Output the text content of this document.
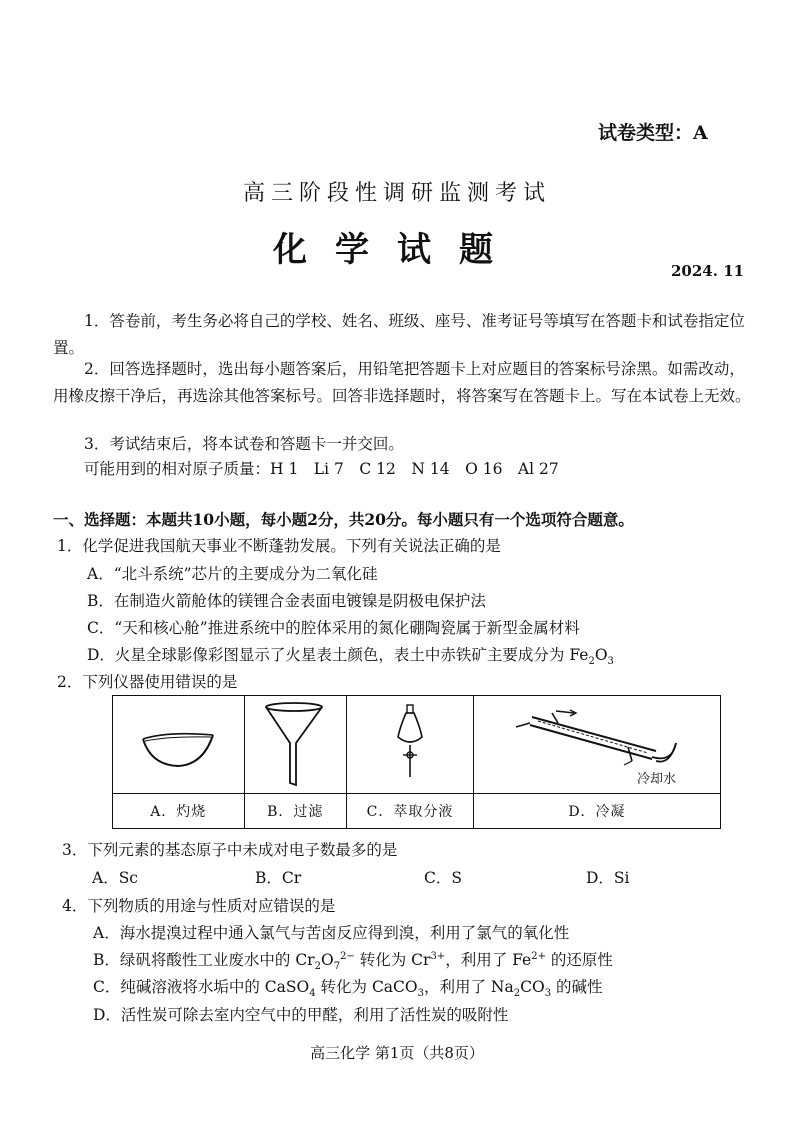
试卷类型：A
高三阶段性调研监测考试
化学试题
2024. 11
1．答卷前，考生务必将自己的学校、姓名、班级、座号、准考证号等填写在答题卡和试卷指定位置。
2．回答选择题时，选出每小题答案后，用铅笔把答题卡上对应题目的答案标号涂黑。如需改动，用橡皮擦干净后，再选涂其他答案标号。回答非选择题时，将答案写在答题卡上。写在本试卷上无效。
3．考试结束后，将本试卷和答题卡一并交回。
可能用到的相对原子质量：H 1　Li 7　C 12　N 14　O 16　Al 27
一、选择题：本题共10小题，每小题2分，共20分。每小题只有一个选项符合题意。
1．化学促进我国航天事业不断蓬勃发展。下列有关说法正确的是
A．“北斗系统”芯片的主要成分为二氧化硅
B．在制造火箭舱体的镁锂合金表面电镀镍是阴极电保护法
C．“天和核心舱”推进系统中的腔体采用的氮化硼陶瓷属于新型金属材料
D．火星全球影像彩图显示了火星表土颜色，表土中赤铁矿主要成分为 $Fe_2O_3$
2．下列仪器使用错误的是

冷却水

A．灼烧	B．过滤	C．萃取分液	D．冷凝
3．下列元素的基态原子中未成对电子数最多的是
A．Sc	B．Cr	C．S	D．Si
4．下列物质的用途与性质对应错误的是
A．海水提溴过程中通入氯气与苦卤反应得到溴，利用了氯气的氧化性
B．绿矾将酸性工业废水中的 $Cr_2O_7^{2-}$ 转化为 $Cr^{3+}$，利用了 $Fe^{2+}$ 的还原性
C．纯碱溶液将水垢中的 CaSO$_4$ 转化为 CaCO$_3$，利用了 $Na_2CO_3$ 的碱性
D．活性炭可除去室内空气中的甲醛，利用了活性炭的吸附性
高三化学 第1页（共8页）
